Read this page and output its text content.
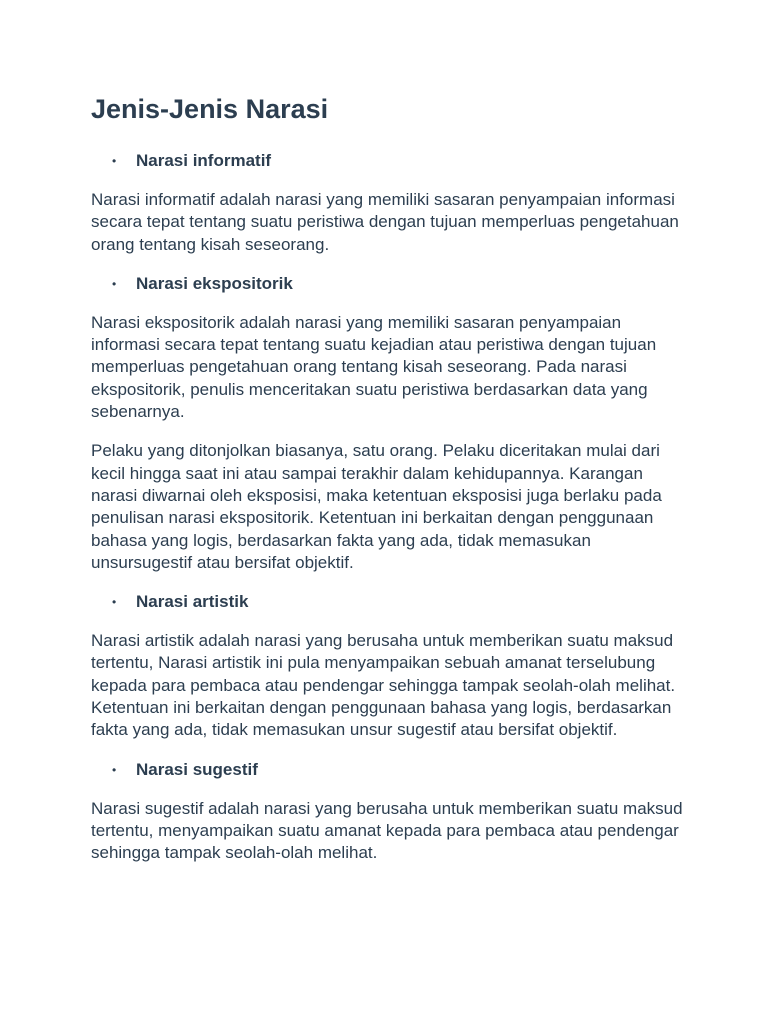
Jenis-Jenis Narasi
• Narasi informatif

Narasi informatif adalah narasi yang memiliki sasaran penyampaian informasi secara tepat tentang suatu peristiwa dengan tujuan memperluas pengetahuan orang tentang kisah seseorang.

• Narasi ekspositorik

Narasi ekspositorik adalah narasi yang memiliki sasaran penyampaian informasi secara tepat tentang suatu kejadian atau peristiwa dengan tujuan memperluas pengetahuan orang tentang kisah seseorang. Pada narasi ekspositorik, penulis menceritakan suatu peristiwa berdasarkan data yang sebenarnya.

Pelaku yang ditonjolkan biasanya, satu orang. Pelaku diceritakan mulai dari kecil hingga saat ini atau sampai terakhir dalam kehidupannya. Karangan narasi diwarnai oleh eksposisi, maka ketentuan eksposisi juga berlaku pada penulisan narasi ekspositorik. Ketentuan ini berkaitan dengan penggunaan bahasa yang logis, berdasarkan fakta yang ada, tidak memasukan unsursugestif atau bersifat objektif.

• Narasi artistik

Narasi artistik adalah narasi yang berusaha untuk memberikan suatu maksud tertentu, Narasi artistik ini pula menyampaikan sebuah amanat terselubung kepada para pembaca atau pendengar sehingga tampak seolah-olah melihat. Ketentuan ini berkaitan dengan penggunaan bahasa yang logis, berdasarkan fakta yang ada, tidak memasukan unsur sugestif atau bersifat objektif.

• Narasi sugestif

Narasi sugestif adalah narasi yang berusaha untuk memberikan suatu maksud tertentu, menyampaikan suatu amanat kepada para pembaca atau pendengar sehingga tampak seolah-olah melihat.
